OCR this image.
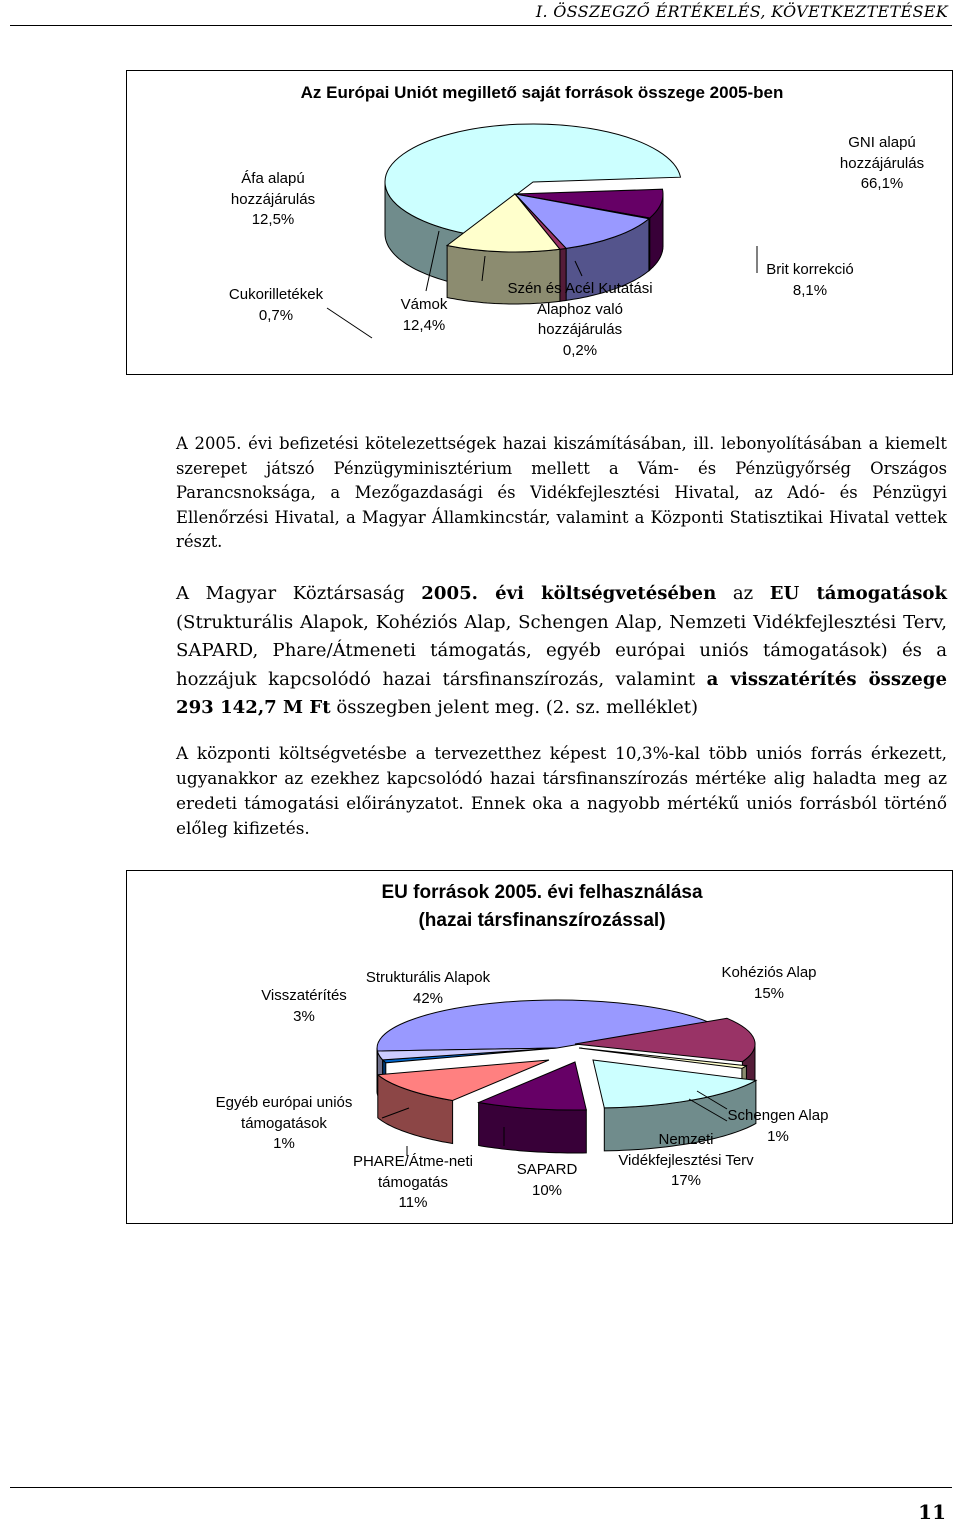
I. ÖSSZEGZŐ ÉRTÉKELÉS, KÖVETKEZTETÉSEK
Az Európai Uniót megillető saját források összege 2005-ben
GNI alapú
hozzájárulás
66,1%
Áfa alapú
hozzájárulás
12,5%
Cukorilletékek
0,7%
Vámok
12,4%
Szén és Acél Kutatási
Alaphoz való
hozzájárulás
0,2%
Brit korrekció
8,1%
A 2005. évi befizetési kötelezettségek hazai kiszámításában, ill. lebonyolításában a kiemelt szerepet játszó Pénzügyminisztérium mellett a Vám- és Pénzügyőrség Országos Parancsnoksága, a Mezőgazdasági és Vidékfejlesztési Hivatal, az Adó- és Pénzügyi Ellenőrzési Hivatal, a Magyar Államkincstár, valamint a Központi Statisztikai Hivatal vettek részt.
A Magyar Köztársaság 2005. évi költségvetésében az EU támogatások (Strukturális Alapok, Kohéziós Alap, Schengen Alap, Nemzeti Vidékfejlesztési Terv, SAPARD, Phare/Átmeneti támogatás, egyéb európai uniós támogatások) és a hozzájuk kapcsolódó hazai társfinanszírozás, valamint a visszatérítés összege 293 142,7 M Ft összegben jelent meg. (2. sz. melléklet)
A központi költségvetésbe a tervezetthez képest 10,3%-kal több uniós forrás érkezett, ugyanakkor az ezekhez kapcsolódó hazai társfinanszírozás mértéke alig haladta meg az eredeti támogatási előirányzatot. Ennek oka a nagyobb mértékű uniós forrásból történő előleg kifizetés.
EU források 2005. évi felhasználása
(hazai társfinanszírozással)
Strukturális Alapok
42%
Visszatérítés
3%
Kohéziós Alap
15%
Egyéb európai uniós
támogatások
1%
Schengen Alap
1%
Nemzeti
Vidékfejlesztési Terv
17%
PHARE/Átme-neti
támogatás
11%
SAPARD
10%
11
